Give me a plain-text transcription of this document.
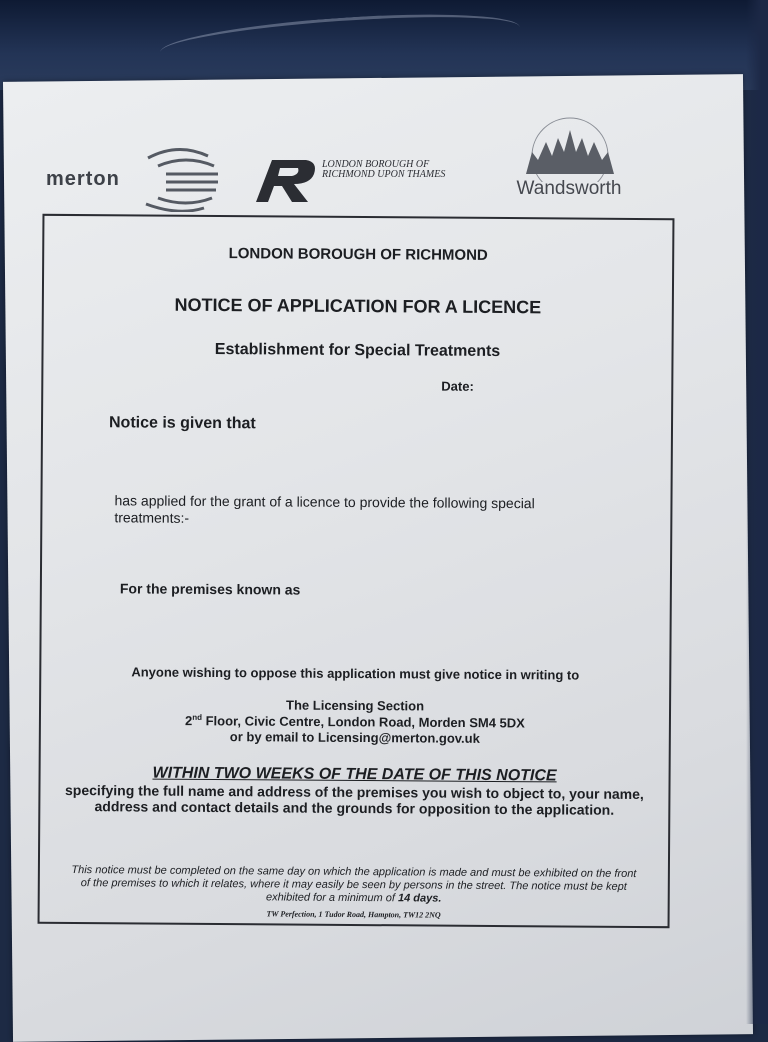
merton
LONDON BOROUGH OF
RICHMOND UPON THAMES
Wandsworth
LONDON BOROUGH OF RICHMOND
NOTICE OF APPLICATION FOR A LICENCE
Establishment for Special Treatments
Date:
Notice is given that
has applied for the grant of a licence to provide the following special treatments:-
For the premises known as
Anyone wishing to oppose this application must give notice in writing to
The Licensing Section
2nd Floor, Civic Centre, London Road, Morden SM4 5DX
or by email to Licensing@merton.gov.uk
WITHIN TWO WEEKS OF THE DATE OF THIS NOTICE
specifying the full name and address of the premises you wish to object to, your name, address and contact details and the grounds for opposition to the application.
This notice must be completed on the same day on which the application is made and must be exhibited on the front of the premises to which it relates, where it may easily be seen by persons in the street. The notice must be kept exhibited for a minimum of 14 days.
TW Perfection, 1 Tudor Road, Hampton, TW12 2NQ
